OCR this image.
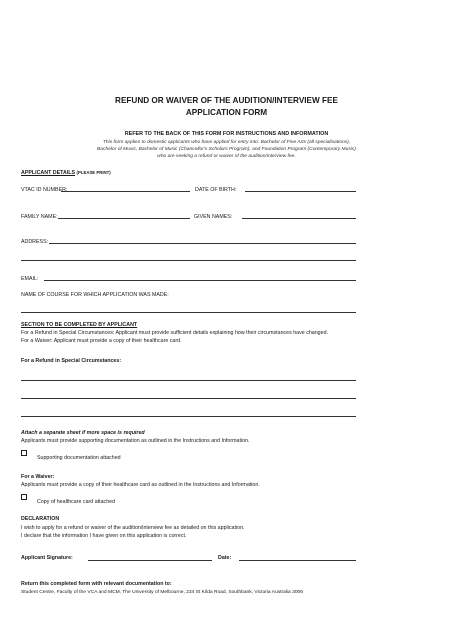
REFUND OR WAIVER OF THE AUDITION/INTERVIEW FEE
APPLICATION FORM
REFER TO THE BACK OF THIS FORM FOR INSTRUCTIONS AND INFORMATION
This form applies to domestic applicants who have applied for entry into: Bachelor of Fine Arts (all specialisations),
Bachelor of Music, Bachelor of Music (Chancellor's Scholars Program), and Foundation Program (Contemporary Music)
who are seeking a refund or waiver of the audition/interview fee.
APPLICANT DETAILS (PLEASE PRINT)
VTAC ID NUMBER:	DATE OF BIRTH:
FAMILY NAME:	GIVEN NAMES:
ADDRESS:
EMAIL:
NAME OF COURSE FOR WHICH APPLICATION WAS MADE:
SECTION TO BE COMPLETED BY APPLICANT
For a Refund in Special Circumstances: Applicant must provide sufficient details explaining how their circumstances have changed.
For a Waiver: Applicant must provide a copy of their healthcare card.
For a Refund in Special Circumstances:
Attach a separate sheet if more space is required
Applicants must provide supporting documentation as outlined in the Instructions and Information.
Supporting documentation attached
For a Waiver:
Applicants must provide a copy of their healthcare card as outlined in the Instructions and Information.
Copy of healthcare card attached
DECLARATION
I wish to apply for a refund or waiver of the audition/interview fee as detailed on this application.
I declare that the information I have given on this application is correct.
Applicant Signature:	Date:
Return this completed form with relevant documentation to:
Student Centre, Faculty of the VCA and MCM, The University of Melbourne, 234 St Kilda Road, Southbank, Victoria Australia 3006
